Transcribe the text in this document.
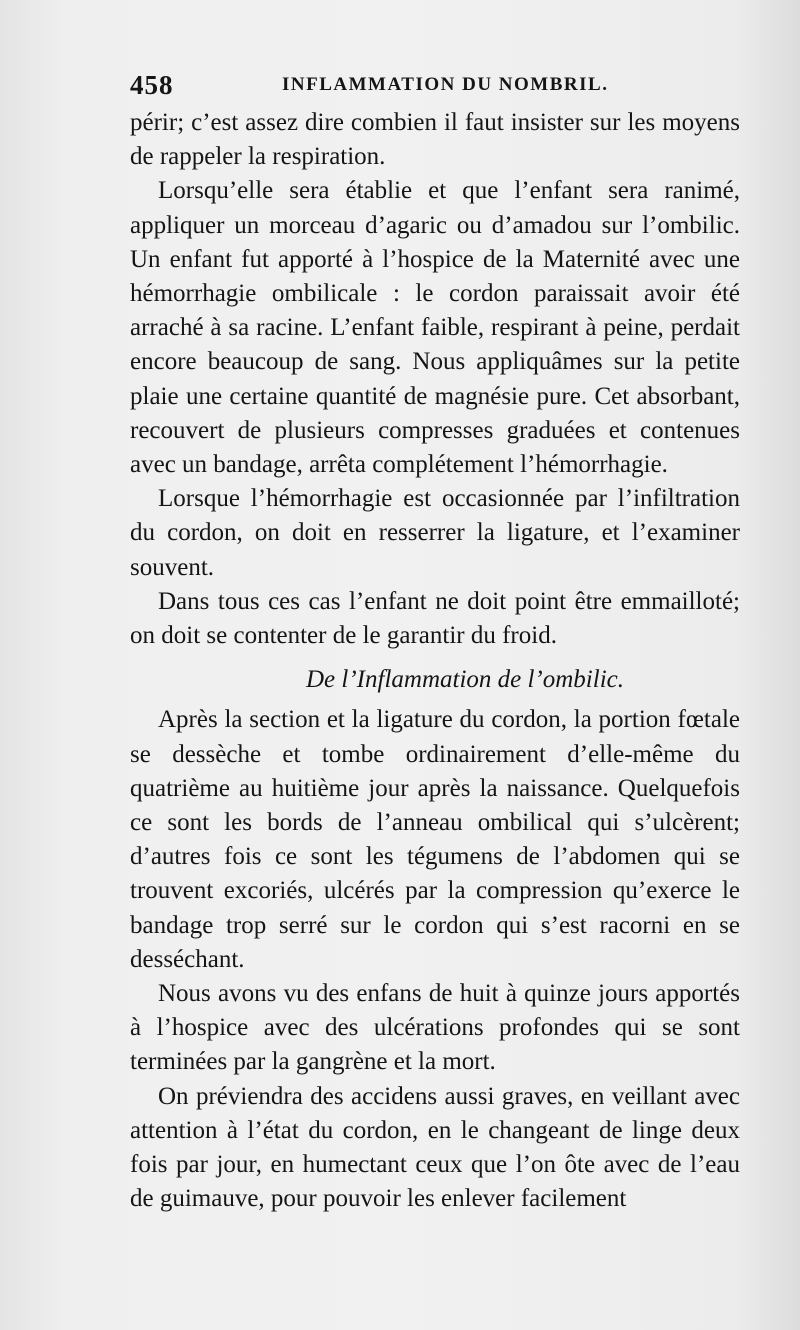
458	INFLAMMATION DU NOMBRIL.

périr; c’est assez dire combien il faut insister sur les moyens de rappeler la respiration.

Lorsqu’elle sera établie et que l’enfant sera ranimé, appliquer un morceau d’agaric ou d’amadou sur l’ombilic. Un enfant fut apporté à l’hospice de la Maternité avec une hémorrhagie ombilicale : le cordon paraissait avoir été arraché à sa racine. L’enfant faible, respirant à peine, perdait encore beaucoup de sang. Nous appliquâmes sur la petite plaie une certaine quantité de magnésie pure. Cet absorbant, recouvert de plusieurs compresses graduées et contenues avec un bandage, arrêta complétement l’hémorrhagie.

Lorsque l’hémorrhagie est occasionnée par l’infiltration du cordon, on doit en resserrer la ligature, et l’examiner souvent.

Dans tous ces cas l’enfant ne doit point être emmailloté; on doit se contenter de le garantir du froid.

De l’Inflammation de l’ombilic.

Après la section et la ligature du cordon, la portion fœtale se dessèche et tombe ordinairement d’elle-même du quatrième au huitième jour après la naissance. Quelquefois ce sont les bords de l’anneau ombilical qui s’ulcèrent; d’autres fois ce sont les tégumens de l’abdomen qui se trouvent excoriés, ulcérés par la compression qu’exerce le bandage trop serré sur le cordon qui s’est racorni en se desséchant.

Nous avons vu des enfans de huit à quinze jours apportés à l’hospice avec des ulcérations profondes qui se sont terminées par la gangrène et la mort.

On préviendra des accidens aussi graves, en veillant avec attention à l’état du cordon, en le changeant de linge deux fois par jour, en humectant ceux que l’on ôte avec de l’eau de guimauve, pour pouvoir les enlever facilement
